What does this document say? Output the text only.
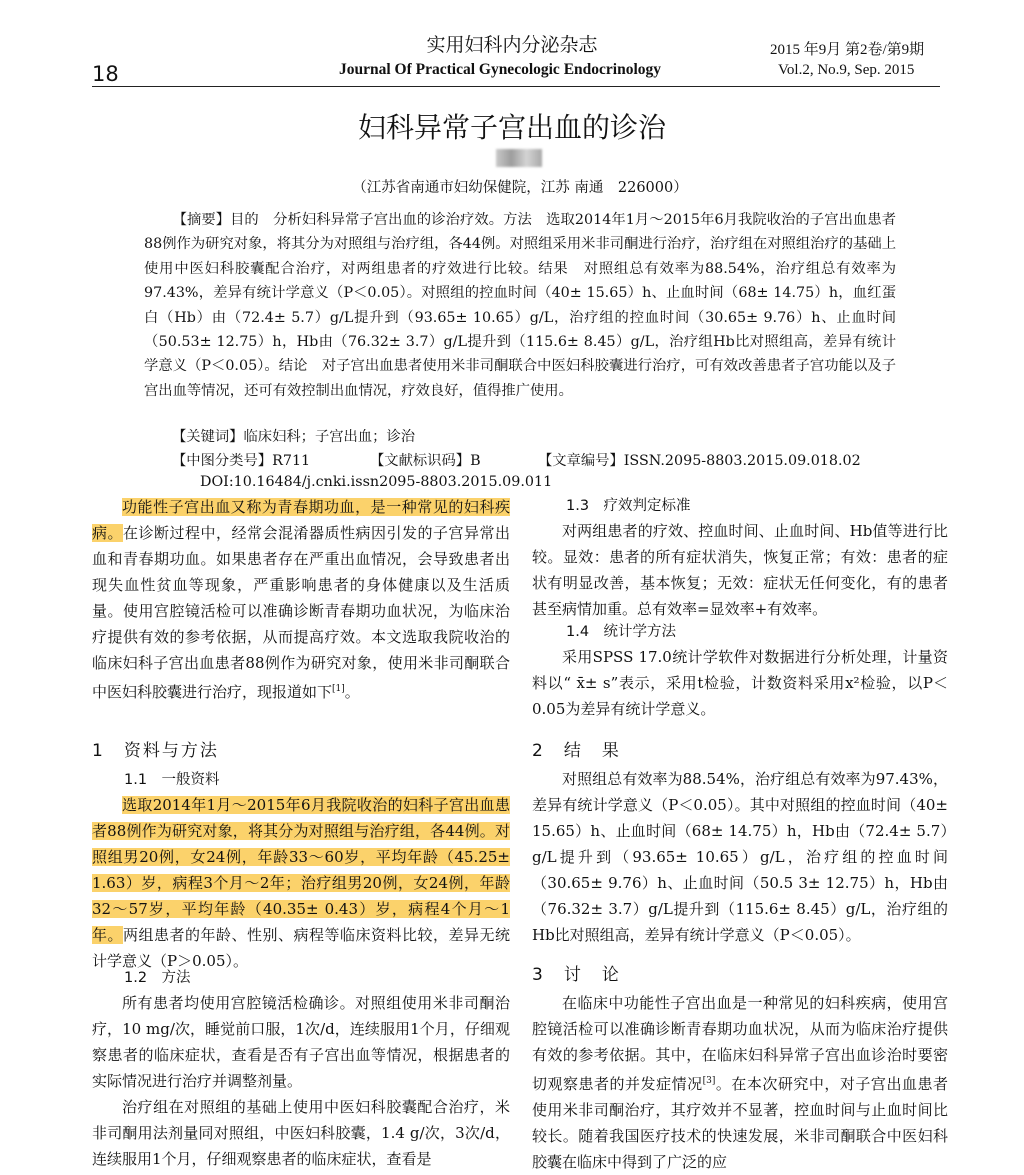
18
实用妇科内分泌杂志
Journal Of Practical Gynecologic Endocrinology
2015 年9月 第2卷/第9期
Vol.2, No.9, Sep. 2015
妇科异常子宫出血的诊治
（江苏省南通市妇幼保健院，江苏 南通　226000）

【摘要】目的　分析妇科异常子宫出血的诊治疗效。方法　选取2014年1月～2015年6月我院收治的子宫出血患者88例作为研究对象，将其分为对照组与治疗组，各44例。对照组采用米非司酮进行治疗，治疗组在对照组治疗的基础上使用中医妇科胶囊配合治疗，对两组患者的疗效进行比较。结果　对照组总有效率为88.54%，治疗组总有效率为97.43%，差异有统计学意义（P＜0.05）。对照组的控血时间（40± 15.65）h、止血时间（68± 14.75）h，血红蛋白（Hb）由（72.4± 5.7）g/L提升到（93.65± 10.65）g/L，治疗组的控血时间（30.65± 9.76）h、止血时间（50.53± 12.75）h，Hb由（76.32± 3.7）g/L提升到（115.6± 8.45）g/L，治疗组Hb比对照组高，差异有统计学意义（P＜0.05）。结论　对子宫出血患者使用米非司酮联合中医妇科胶囊进行治疗，可有效改善患者子宫功能以及子宫出血等情况，还可有效控制出血情况，疗效良好，值得推广使用。

【关键词】临床妇科；子宫出血；诊治
【中图分类号】R711	【文献标识码】B	【文章编号】ISSN.2095-8803.2015.09.018.02
DOI:10.16484/j.cnki.issn2095-8803.2015.09.011

功能性子宫出血又称为青春期功血，是一种常见的妇科疾病。在诊断过程中，经常会混淆器质性病因引发的子宫异常出血和青春期功血。如果患者存在严重出血情况，会导致患者出现失血性贫血等现象，严重影响患者的身体健康以及生活质量。使用宫腔镜活检可以准确诊断青春期功血状况，为临床治疗提供有效的参考依据，从而提高疗效。本文选取我院收治的临床妇科子宫出血患者88例作为研究对象，使用米非司酮联合中医妇科胶囊进行治疗，现报道如下[1]。

1　资料与方法
1.1　一般资料

选取2014年1月～2015年6月我院收治的妇科子宫出血患者88例作为研究对象，将其分为对照组与治疗组，各44例。对照组男20例，女24例，年龄33～60岁，平均年龄（45.25± 1.63）岁，病程3个月～2年；治疗组男20例，女24例，年龄32～57岁，平均年龄（40.35± 0.43）岁，病程4个月～1年。两组患者的年龄、性别、病程等临床资料比较，差异无统计学意义（P＞0.05）。

1.2　方法

所有患者均使用宫腔镜活检确诊。对照组使用米非司酮治疗，10 mg/次，睡觉前口服，1次/d，连续服用1个月，仔细观察患者的临床症状，查看是否有子宫出血等情况，根据患者的实际情况进行治疗并调整剂量。

治疗组在对照组的基础上使用中医妇科胶囊配合治疗，米非司酮用法剂量同对照组，中医妇科胶囊，1.4 g/次，3次/d，连续服用1个月，仔细观察患者的临床症状，查看是

1.3　疗效判定标准

对两组患者的疗效、控血时间、止血时间、Hb值等进行比较。显效：患者的所有症状消失，恢复正常；有效：患者的症状有明显改善，基本恢复；无效：症状无任何变化，有的患者甚至病情加重。总有效率=显效率+有效率。

1.4　统计学方法

采用SPSS 17.0统计学软件对数据进行分析处理，计量资料以“ x̄± s”表示，采用t检验，计数资料采用x²检验，以P＜0.05为差异有统计学意义。

2　结　果

对照组总有效率为88.54%，治疗组总有效率为97.43%，差异有统计学意义（P＜0.05）。其中对照组的控血时间（40± 15.65）h、止血时间（68± 14.75）h，Hb由（72.4± 5.7）g/L提升到（93.65± 10.65）g/L，治疗组的控血时间（30.65± 9.76）h、止血时间（50.5 3± 12.75）h，Hb由（76.32± 3.7）g/L提升到（115.6± 8.45）g/L，治疗组的Hb比对照组高，差异有统计学意义（P＜0.05）。

3　讨　论

在临床中功能性子宫出血是一种常见的妇科疾病，使用宫腔镜活检可以准确诊断青春期功血状况，从而为临床治疗提供有效的参考依据。其中，在临床妇科异常子宫出血诊治时要密切观察患者的并发症情况[3]。在本次研究中，对子宫出血患者使用米非司酮治疗，其疗效并不显著，控血时间与止血时间比较长。随着我国医疗技术的快速发展，米非司酮联合中医妇科胶囊在临床中得到了广泛的应
